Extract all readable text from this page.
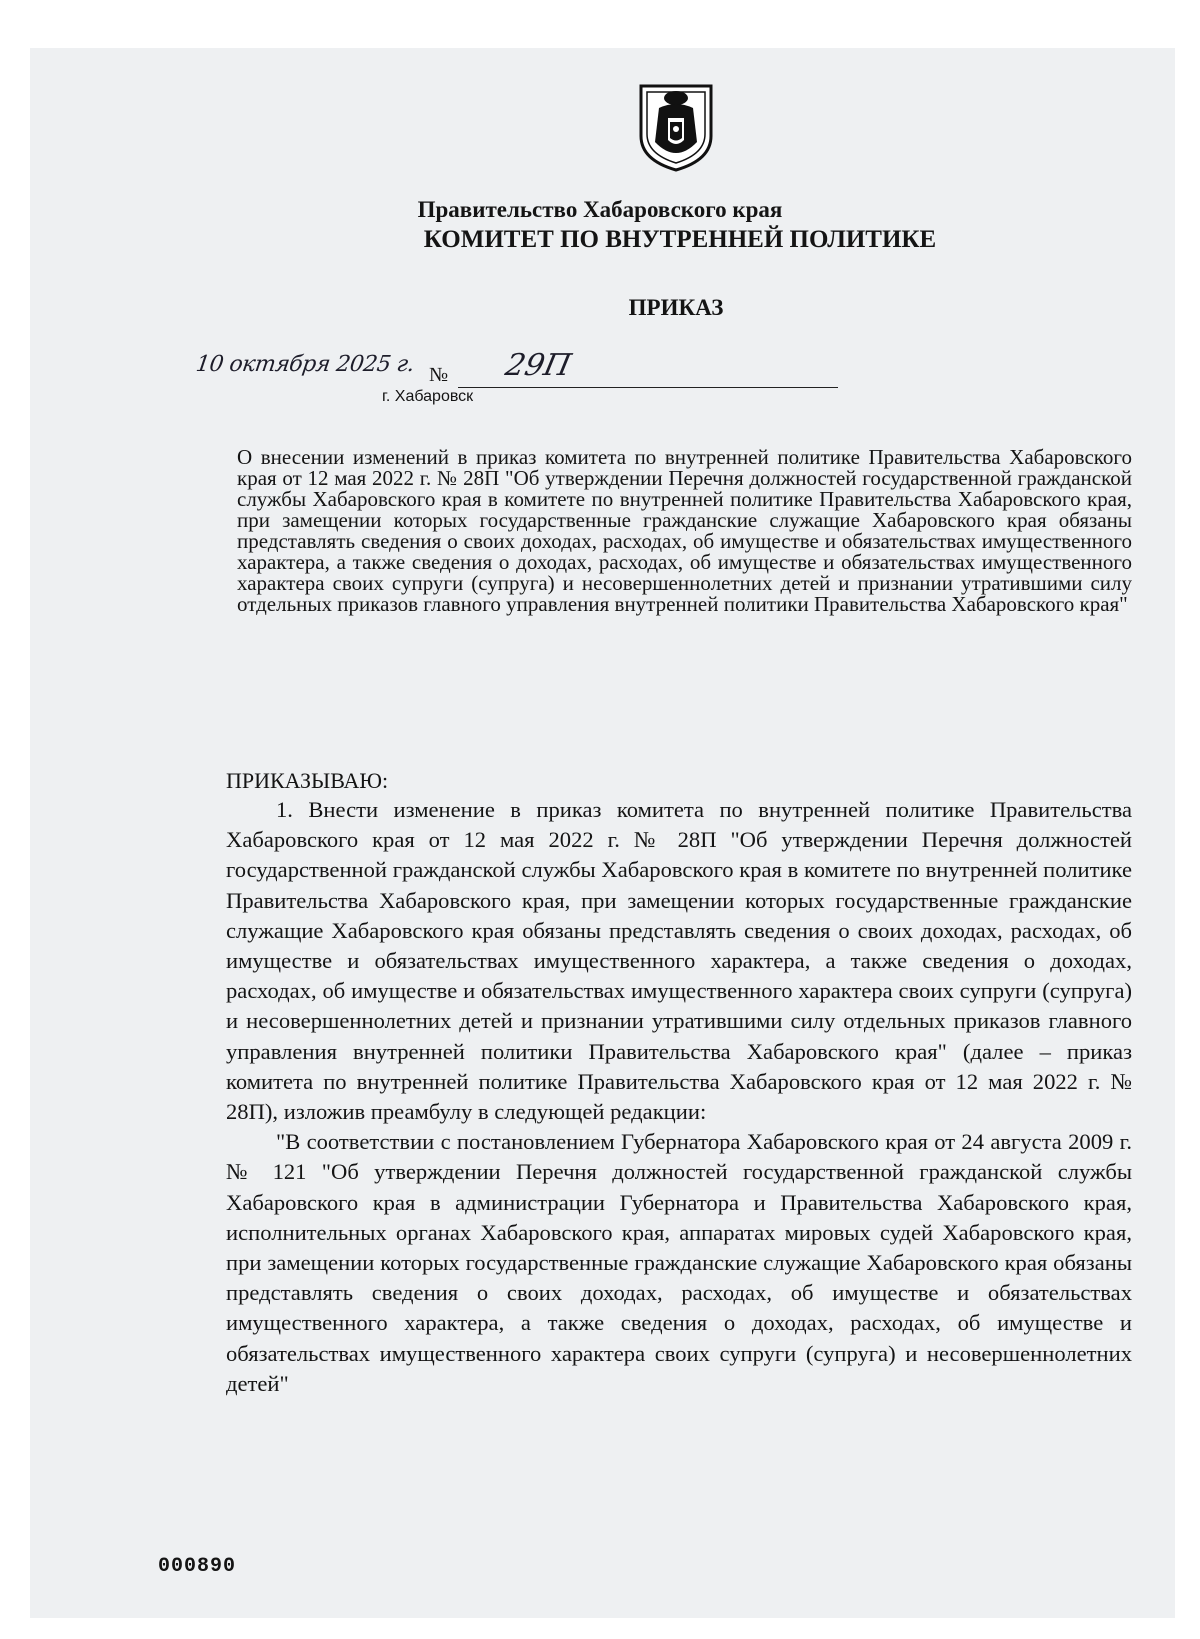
Правительство Хабаровского края

КОМИТЕТ ПО ВНУТРЕННЕЙ ПОЛИТИКЕ

ПРИКАЗ

10 октября 2025 г. № 29П

г. Хабаровск

О внесении изменений в приказ комитета по внутренней политике Правительства Хабаровского края от 12 мая 2022 г. № 28П "Об утверждении Перечня должностей государственной гражданской службы Хабаровского края в комитете по внутренней политике Правительства Хабаровского края, при замещении которых государственные гражданские служащие Хабаровского края обязаны представлять сведения о своих доходах, расходах, об имуществе и обязательствах имущественного характера, а также сведения о доходах, расходах, об имуществе и обязательствах имущественного характера своих супруги (супруга) и несовершеннолетних детей и признании утратившими силу отдельных приказов главного управления внутренней политики Правительства Хабаровского края"

ПРИКАЗЫВАЮ:

1. Внести изменение в приказ комитета по внутренней политике Правительства Хабаровского края от 12 мая 2022 г. № 28П "Об утверждении Перечня должностей государственной гражданской службы Хабаровского края в комитете по внутренней политике Правительства Хабаровского края, при замещении которых государственные гражданские служащие Хабаровского края обязаны представлять сведения о своих доходах, расходах, об имуществе и обязательствах имущественного характера, а также сведения о доходах, расходах, об имуществе и обязательствах имущественного характера своих супруги (супруга) и несовершеннолетних детей и признании утратившими силу отдельных приказов главного управления внутренней политики Правительства Хабаровского края" (далее – приказ комитета по внутренней политике Правительства Хабаровского края от 12 мая 2022 г. № 28П), изложив преамбулу в следующей редакции:

"В соответствии с постановлением Губернатора Хабаровского края от 24 августа 2009 г. № 121 "Об утверждении Перечня должностей государственной гражданской службы Хабаровского края в администрации Губернатора и Правительства Хабаровского края, исполнительных органах Хабаровского края, аппаратах мировых судей Хабаровского края, при замещении которых государственные гражданские служащие Хабаровского края обязаны представлять сведения о своих доходах, расходах, об имуществе и обязательствах имущественного характера, а также сведения о доходах, расходах, об имуществе и обязательствах имущественного характера своих супруги (супруга) и несовершеннолетних детей"

000890
